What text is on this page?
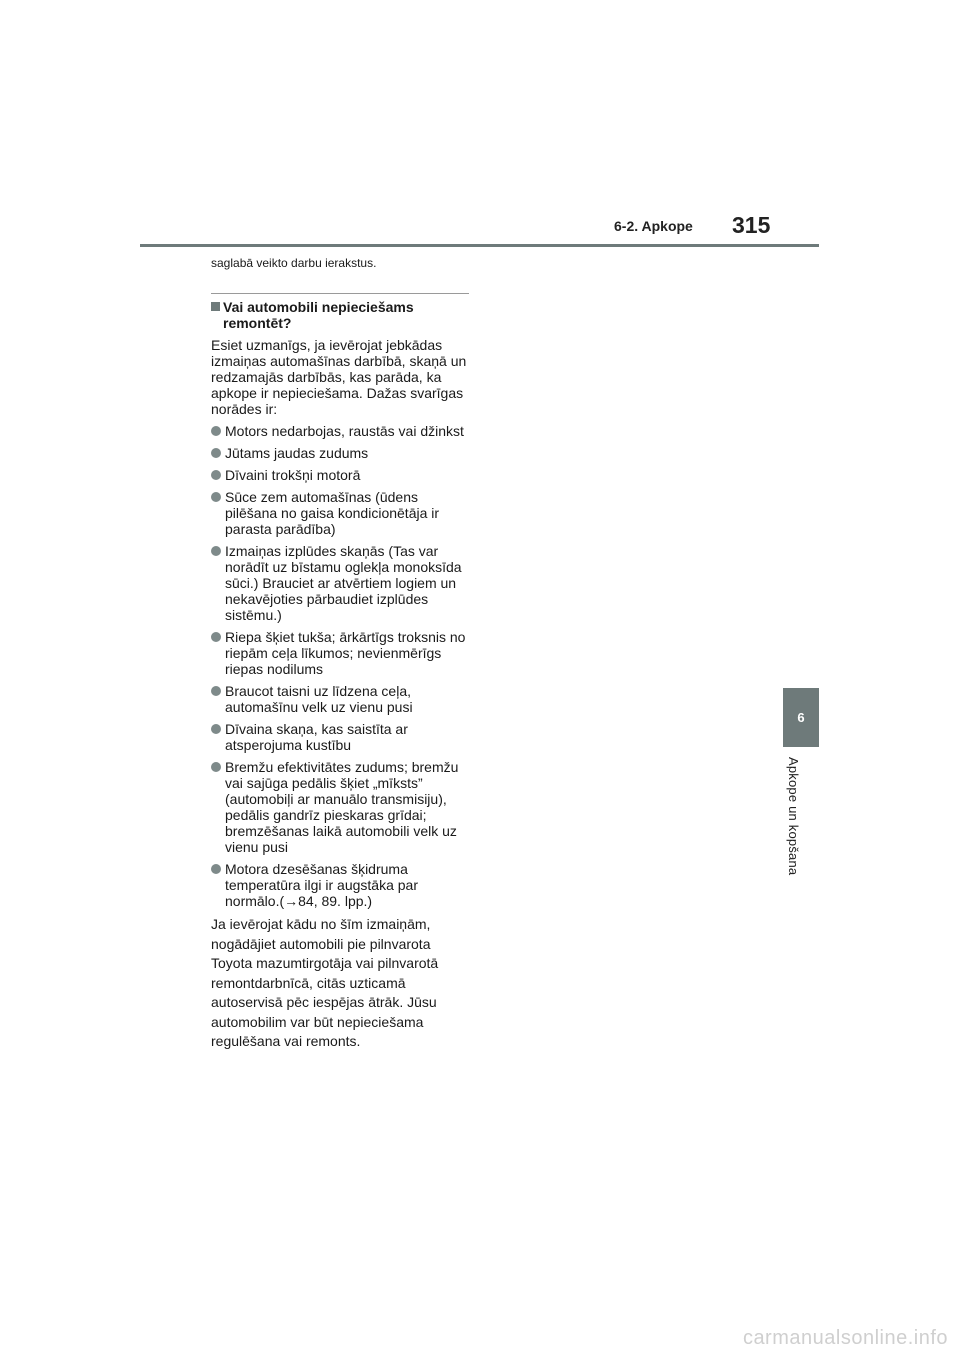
6-2. Apkope 315
6
Apkope un kopšana

saglabā veikto darbu ierakstus.

Vai automobili nepieciešams remontēt?

Esiet uzmanīgs, ja ievērojat jebkādas izmaiņas automašīnas darbībā, skaņā un redzamajās darbībās, kas parāda, ka apkope ir nepieciešama. Dažas svarīgas norādes ir:

Motors nedarbojas, raustās vai džinkst
Jūtams jaudas zudums
Dīvaini trokšņi motorā
Sūce zem automašīnas (ūdens pilēšana no gaisa kondicionētāja ir parasta parādība)
Izmaiņas izplūdes skaņās (Tas var norādīt uz bīstamu oglekļa monoksīda sūci.) Brauciet ar atvērtiem logiem un nekavējoties pārbaudiet izplūdes sistēmu.)
Riepa šķiet tukša; ārkārtīgs troksnis no riepām ceļa līkumos; nevienmērīgs riepas nodilums
Braucot taisni uz līdzena ceļa, automašīnu velk uz vienu pusi
Dīvaina skaņa, kas saistīta ar atsperojuma kustību
Bremžu efektivitātes zudums; bremžu vai sajūga pedālis šķiet „mīksts” (automobiļi ar manuālo transmisiju), pedālis gandrīz pieskaras grīdai; bremzēšanas laikā automobili velk uz vienu pusi
Motora dzesēšanas šķidruma temperatūra ilgi ir augstāka par normālo.(→84, 89. lpp.)

Ja ievērojat kādu no šīm izmaiņām, nogādājiet automobili pie pilnvarota Toyota mazumtirgotāja vai pilnvarotā remontdarbnīcā, citās uzticamā autoservisā pēc iespējas ātrāk. Jūsu automobilim var būt nepieciešama regulēšana vai remonts.

carmanualsonline.info
